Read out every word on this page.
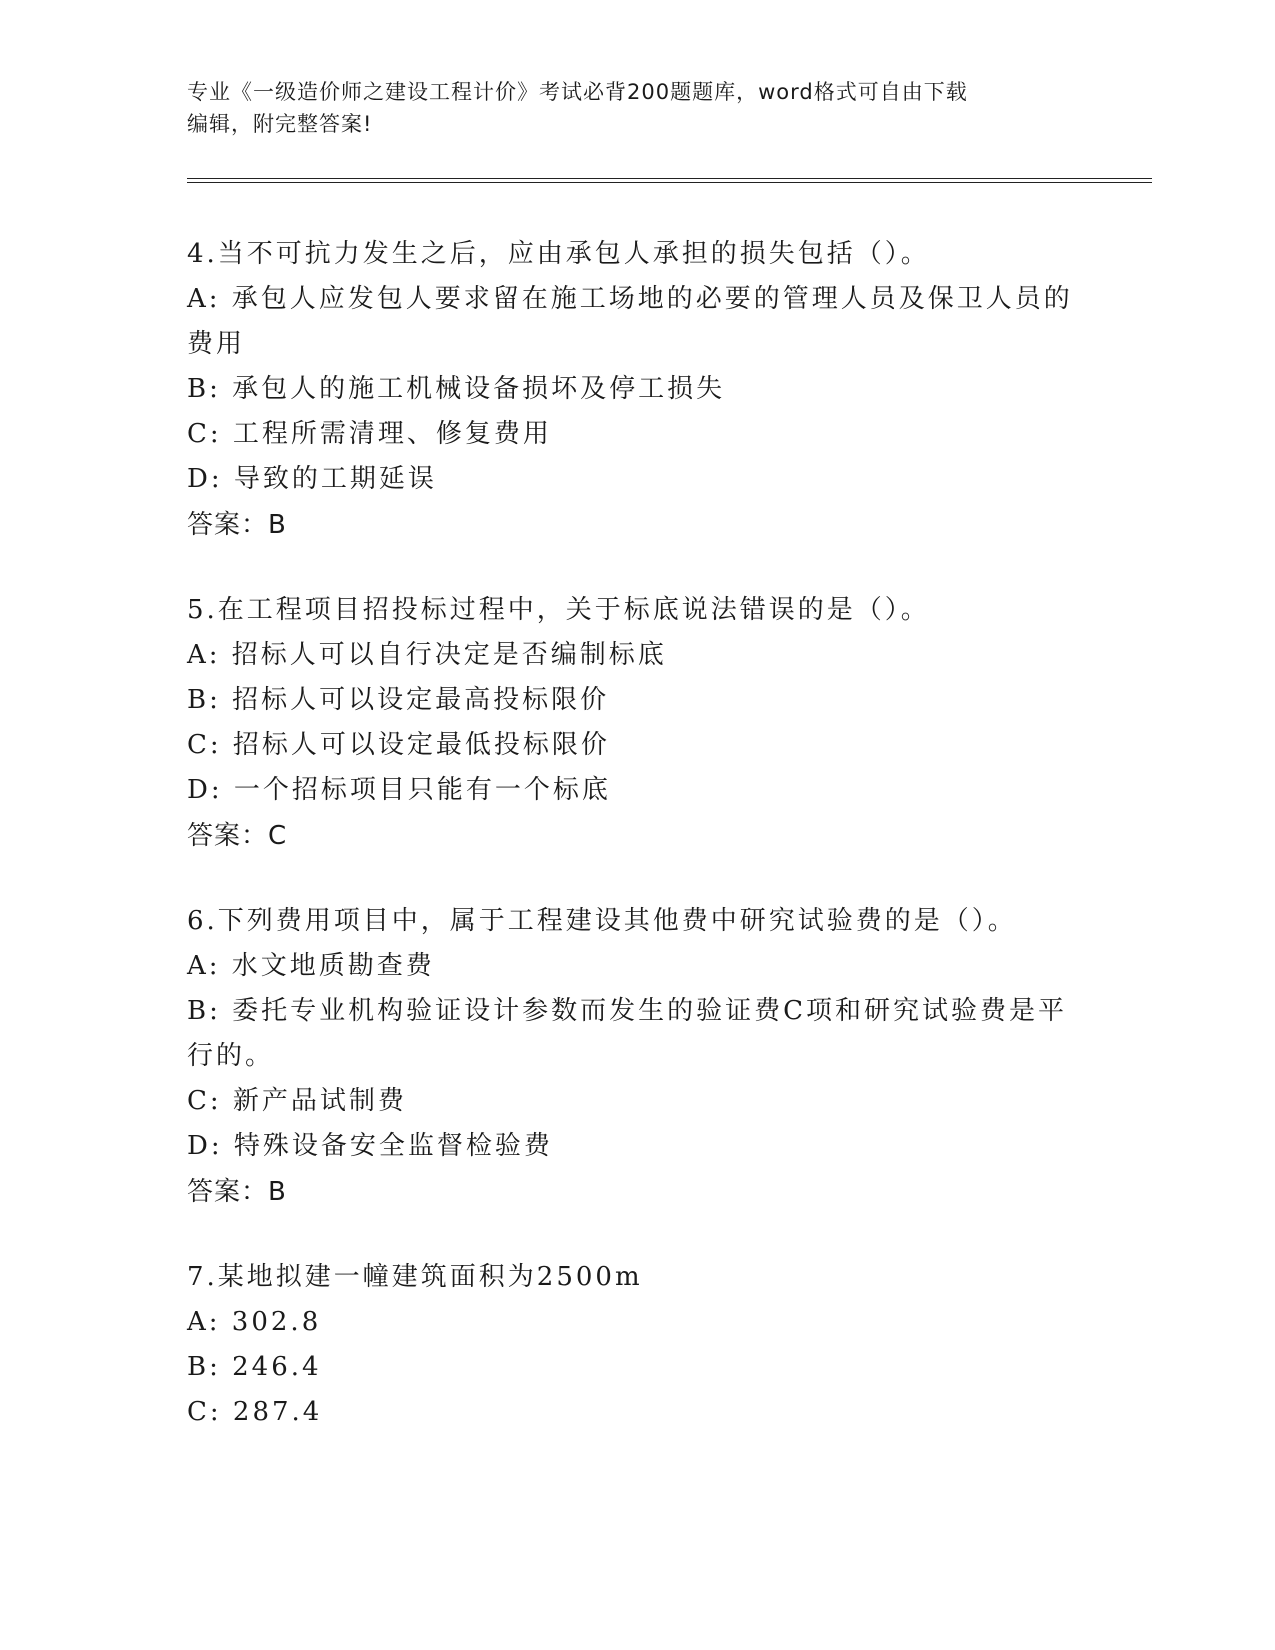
专业《一级造价师之建设工程计价》考试必背200题题库，word格式可自由下载
编辑，附完整答案!
4.当不可抗力发生之后，应由承包人承担的损失包括（）。
A: 承包人应发包人要求留在施工场地的必要的管理人员及保卫人员的
费用
B: 承包人的施工机械设备损坏及停工损失
C: 工程所需清理、修复费用
D: 导致的工期延误
答案：B
5.在工程项目招投标过程中，关于标底说法错误的是（）。
A: 招标人可以自行决定是否编制标底
B: 招标人可以设定最高投标限价
C: 招标人可以设定最低投标限价
D: 一个招标项目只能有一个标底
答案：C
6.下列费用项目中，属于工程建设其他费中研究试验费的是（）。
A: 水文地质勘查费
B: 委托专业机构验证设计参数而发生的验证费C项和研究试验费是平
行的。
C: 新产品试制费
D: 特殊设备安全监督检验费
答案：B
7.某地拟建一幢建筑面积为2500m
A: 302.8
B: 246.4
C: 287.4
